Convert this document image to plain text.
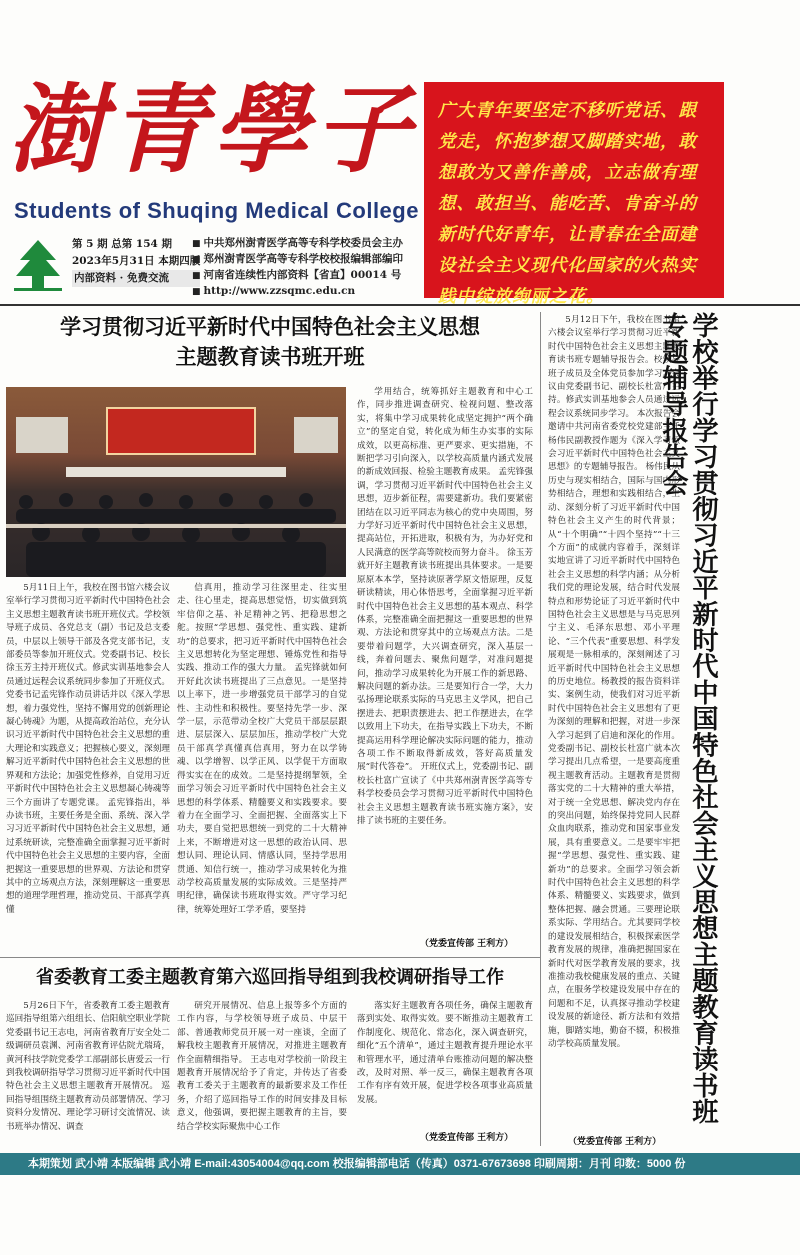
澍青學子
Students of Shuqing Medical College
第 5 期 总第 154 期
2023年5月31日 本期四版
内部资料 · 免费交流
■ 中共郑州澍青医学高等专科学校委员会主办
■ 郑州澍青医学高等专科学校校报编辑部编印
■ 河南省连续性内部资料【省直】00014 号
■ http://www.zzsqmc.edu.cn

广大青年要坚定不移听党话、跟党走，怀抱梦想又脚踏实地，敢想敢为又善作善成，立志做有理想、敢担当、能吃苦、肯奋斗的新时代好青年，让青春在全面建设社会主义现代化国家的火热实践中绽放绚丽之花。

学习贯彻习近平新时代中国特色社会主义思想
主题教育读书班开班

5月11日上午，我校在图书馆六楼会议室举行学习贯彻习近平新时代中国特色社会主义思想主题教育读书班开班仪式。学校领导班子成员、各党总支（副）书记及总支委员，中层以上领导干部及各党支部书记，支部委员等参加开班仪式。党委副书记、校长徐玉芳主持开班仪式。修武实训基地参会人员通过远程会议系统同步参加了开班仪式。 党委书记孟宪锋作动员讲话并以《深入学思想，着力强党性，坚持不懈用党的创新理论凝心铸魂》为题，从提高政治站位，充分认识习近平新时代中国特色社会主义思想的重大理论和实践意义；把握核心要义，深刻理解习近平新时代中国特色社会主义思想的世界观和方法论；加强党性修养，自觉用习近平新时代中国特色社会主义思想凝心铸魂等三个方面讲了专题党课。 孟宪锋指出，举办读书班，主要任务是全面、系统、深入学习习近平新时代中国特色社会主义思想，通过系统研读，完整准确全面掌握习近平新时代中国特色社会主义思想的主要内容，全面把握这一重要思想的世界观、方法论和贯穿其中的立场观点方法，深刻理解这一重要思想的道理学理哲理，推动党员、干部真学真懂

信真用，推动学习往深里走、往实里走、往心里走，提高思想觉悟，切实做到筑牢信仰之基、补足精神之钙、把稳思想之舵。按照“学思想、强党性、重实践、建新功”的总要求，把习近平新时代中国特色社会主义思想转化为坚定理想、锤炼党性和指导实践、推动工作的强大力量。 孟宪锋就如何开好此次读书班提出了三点意见。一是坚持以上率下，进一步增强党员干部学习的自觉性、主动性和积极性。要坚持先学一步、深学一层，示范带动全校广大党员干部层层跟进、层层深入、层层加压，推动学校广大党员干部真学真懂真信真用，努力在以学铸魂、以学增智、以学正风、以学促干方面取得实实在在的成效。二是坚持提纲挈领，全面学习领会习近平新时代中国特色社会主义思想的科学体系、精髓要义和实践要求。要着力在全面学习、全面把握、全面落实上下功夫，要自觉把思想统一到党的二十大精神上来，不断增进对这一思想的政治认同、思想认同、理论认同、情感认同，坚持学思用贯通、知信行统一，推动学习成果转化为推动学校高质量发展的实际成效。三是坚持严明纪律，确保读书班取得实效。严守学习纪律，统筹处理好工学矛盾，要坚持

学用结合，统筹抓好主题教育和中心工作，同步推进调查研究、检视问题、整改落实，将集中学习成果转化成坚定拥护“两个确立”的坚定自觉，转化成为师生办实事的实际成效，以更高标准、更严要求、更实措施，不断把学习引向深入，以学校高质量内涵式发展的新成效回报、检验主题教育成果。 孟宪锋强调，学习贯彻习近平新时代中国特色社会主义思想，迈步新征程，需要建新功。我们要紧密团结在以习近平同志为核心的党中央周围，努力学好习近平新时代中国特色社会主义思想，提高站位，开拓进取，积极有为，为办好党和人民满意的医学高等院校而努力奋斗。 徐玉芳就开好主题教育读书班提出具体要求。一是要原原本本学，坚持读原著学原文悟原理，反复研读精读，用心体悟思考，全面掌握习近平新时代中国特色社会主义思想的基本观点、科学体系，完整准确全面把握这一重要思想的世界观、方法论和贯穿其中的立场观点方法。二是要带着问题学，大兴调查研究，深入基层一线，奔着问题去、聚焦问题学，对准问题提问，推动学习成果转化为开展工作的新思路、解决问题的新办法。三是要知行合一学，大力弘扬理论联系实际的马克思主义学风，把自己摆进去、把职责摆进去、把工作摆进去，在学以致用上下功夫，在指导实践上下功夫，不断提高运用科学理论解决实际问题的能力，推动各项工作不断取得新成效，答好高质量发展“时代答卷”。 开班仪式上，党委副书记、副校长杜富广宣读了《中共郑州澍青医学高等专科学校委员会学习贯彻习近平新时代中国特色社会主义思想主题教育读书班实施方案》，安排了读书班的主要任务。

（党委宣传部 王利方）
省委教育工委主题教育第六巡回指导组到我校调研指导工作

5月26日下午，省委教育工委主题教育巡回指导组第六组组长、信阳航空职业学院党委副书记王志电，河南省教育厅安全处二级调研员袁渊、河南省教育评估院尤瑞琦，黄河科技学院党委学工部副部长唐爱云一行到我校调研指导学习贯彻习近平新时代中国特色社会主义思想主题教育开展情况。 巡回指导组围绕主题教育动员部署情况、学习资料分发情况、理论学习研讨交流情况、读书班举办情况、调查

研究开展情况、信息上报等多个方面的工作内容，与学校领导班子成员、中层干部、普通教师党员开展一对一座谈，全面了解我校主题教育开展情况，对推进主题教育作全面精细指导。 王志电对学校前一阶段主题教育开展情况给予了肯定，并传达了省委教育工委关于主题教育的最新要求及工作任务，介绍了巡回指导工作的时间安排及目标意义，他强调，要把握主题教育的主旨，要结合学校实际聚焦中心工作

落实好主题教育各项任务，确保主题教育落到实处、取得实效。要不断推动主题教育工作制度化、规范化、常态化，深入调查研究，细化“五个清单”，通过主题教育提升理论水平和管理水平，通过清单台账推动问题的解决整改，及时对照、举一反三，确保主题教育各项工作有序有效开展，促进学校各项事业高质量发展。

（党委宣传部 王利方）

5月12日下午，我校在图书馆六楼会议室举行学习贯彻习近平新时代中国特色社会主义思想主题教育读书班专题辅导报告会。校领导班子成员及全体党员参加学习。会议由党委副书记、副校长杜富广主持。修武实训基地参会人员通过远程会议系统同步学习。 本次报告会邀请中共河南省委党校党建部主任杨伟民副教授作题为《深入学习领会习近平新时代中国特色社会主义思想》的专题辅导报告。 杨伟民从历史与现实相结合，国际与国内形势相结合，理想和实践相结合，生动、深刻分析了习近平新时代中国特色社会主义产生的时代背景；从“十个明确”“十四个坚持”“十三个方面”的成就内容着手，深刻详实地宣讲了习近平新时代中国特色社会主义思想的科学内涵；从分析我们党的理论发展，结合时代发展特点和形势论证了习近平新时代中国特色社会主义思想是与马克思列宁主义、毛泽东思想、邓小平理论、“三个代表”重要思想、科学发展观是一脉相承的，深刻阐述了习近平新时代中国特色社会主义思想的历史地位。杨教授的报告资料详实、案例生动，使我们对习近平新时代中国特色社会主义思想有了更为深刻的理解和把握，对进一步深入学习起到了启迪和深化的作用。 党委副书记、副校长杜富广就本次学习提出几点希望，一是要高度重视主题教育活动。主题教育是贯彻落实党的二十大精神的重大举措，对于统一全党思想、解决党内存在的突出问题，始终保持党同人民群众血肉联系，推动党和国家事业发展，具有重要意义。二是要牢牢把握“学思想、强党性、重实践、建新功”的总要求。全面学习领会新时代中国特色社会主义思想的科学体系、精髓要义、实践要求，做到整体把握、融会贯通。三要理论联系实际、学用结合。尤其要同学校的建设发展相结合，积极探索医学教育发展的规律，准确把握国家在新时代对医学教育发展的要求，找准推动我校健康发展的重点、关键点，在服务学校建设发展中存在的问题和不足，认真探寻推动学校建设发展的新途径、新方法和有效措施，脚踏实地，勤奋不辍，积极推动学校高质量发展。	学校举行学习贯彻习近平新时代中国特色社会主义思想主题教育读书班专题辅导报告会
（党委宣传部 王利方）
本期策划 武小靖 本版编辑 武小靖 E-mail:43054004@qq.com 校报编辑部电话（传真）0371-67673698 印刷周期：月刊 印数：5000 份
